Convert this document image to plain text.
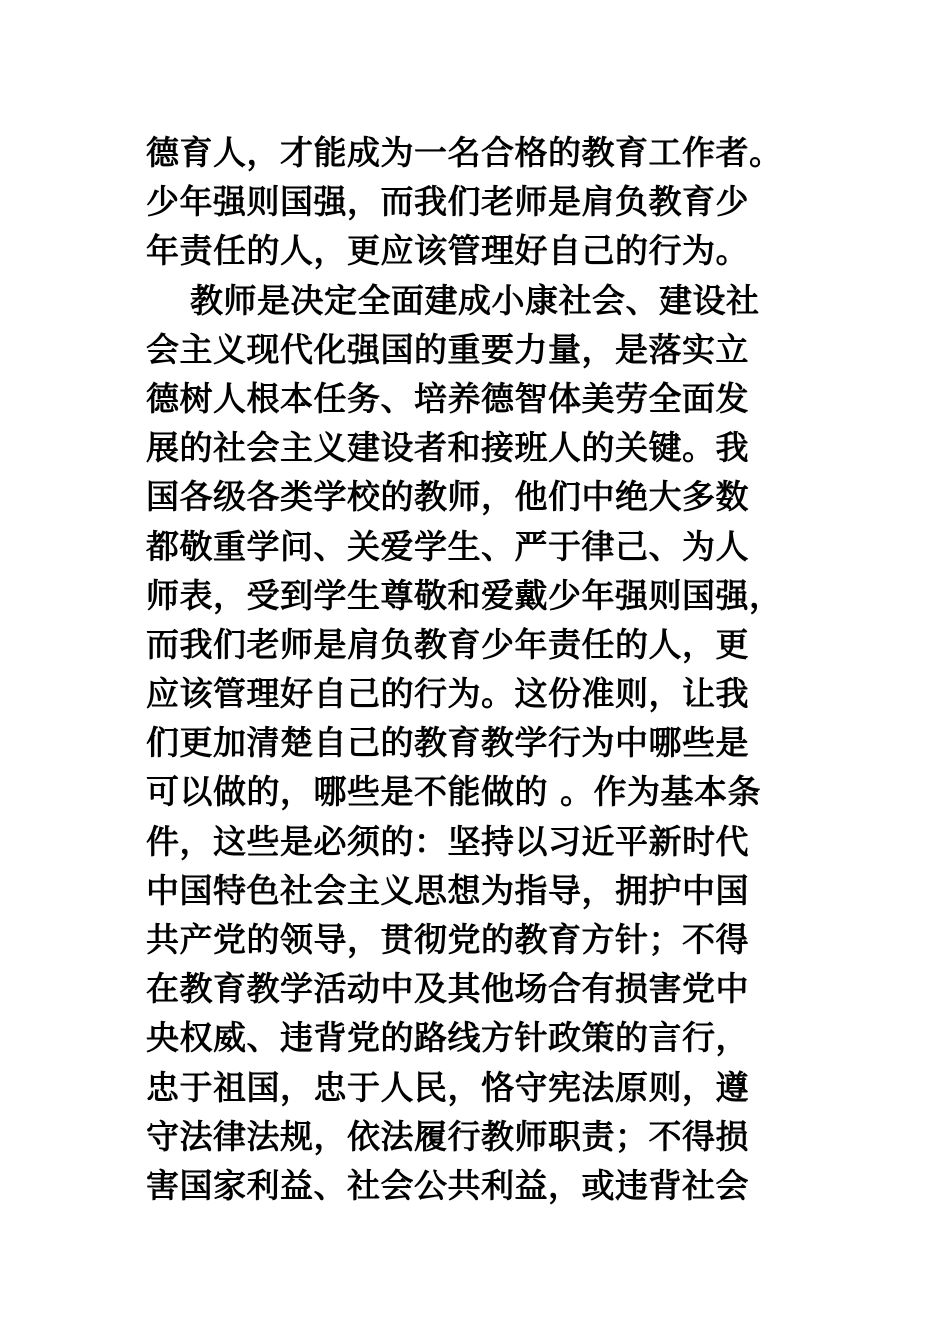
德育人，才能成为一名合格的教育工作者。
少年强则国强，而我们老师是肩负教育少
年责任的人，更应该管理好自己的行为。
教师是决定全面建成小康社会、建设社
会主义现代化强国的重要力量，是落实立
德树人根本任务、培养德智体美劳全面发
展的社会主义建设者和接班人的关键。我
国各级各类学校的教师，他们中绝大多数
都敬重学问、关爱学生、严于律己、为人
师表，受到学生尊敬和爱戴少年强则国强，
而我们老师是肩负教育少年责任的人，更
应该管理好自己的行为。这份准则，让我
们更加清楚自己的教育教学行为中哪些是
可以做的，哪些是不能做的 。作为基本条
件，这些是必须的：坚持以习近平新时代
中国特色社会主义思想为指导，拥护中国
共产党的领导，贯彻党的教育方针；不得
在教育教学活动中及其他场合有损害党中
央权威、违背党的路线方针政策的言行，
忠于祖国，忠于人民，恪守宪法原则，遵
守法律法规，依法履行教师职责；不得损
害国家利益、社会公共利益，或违背社会
